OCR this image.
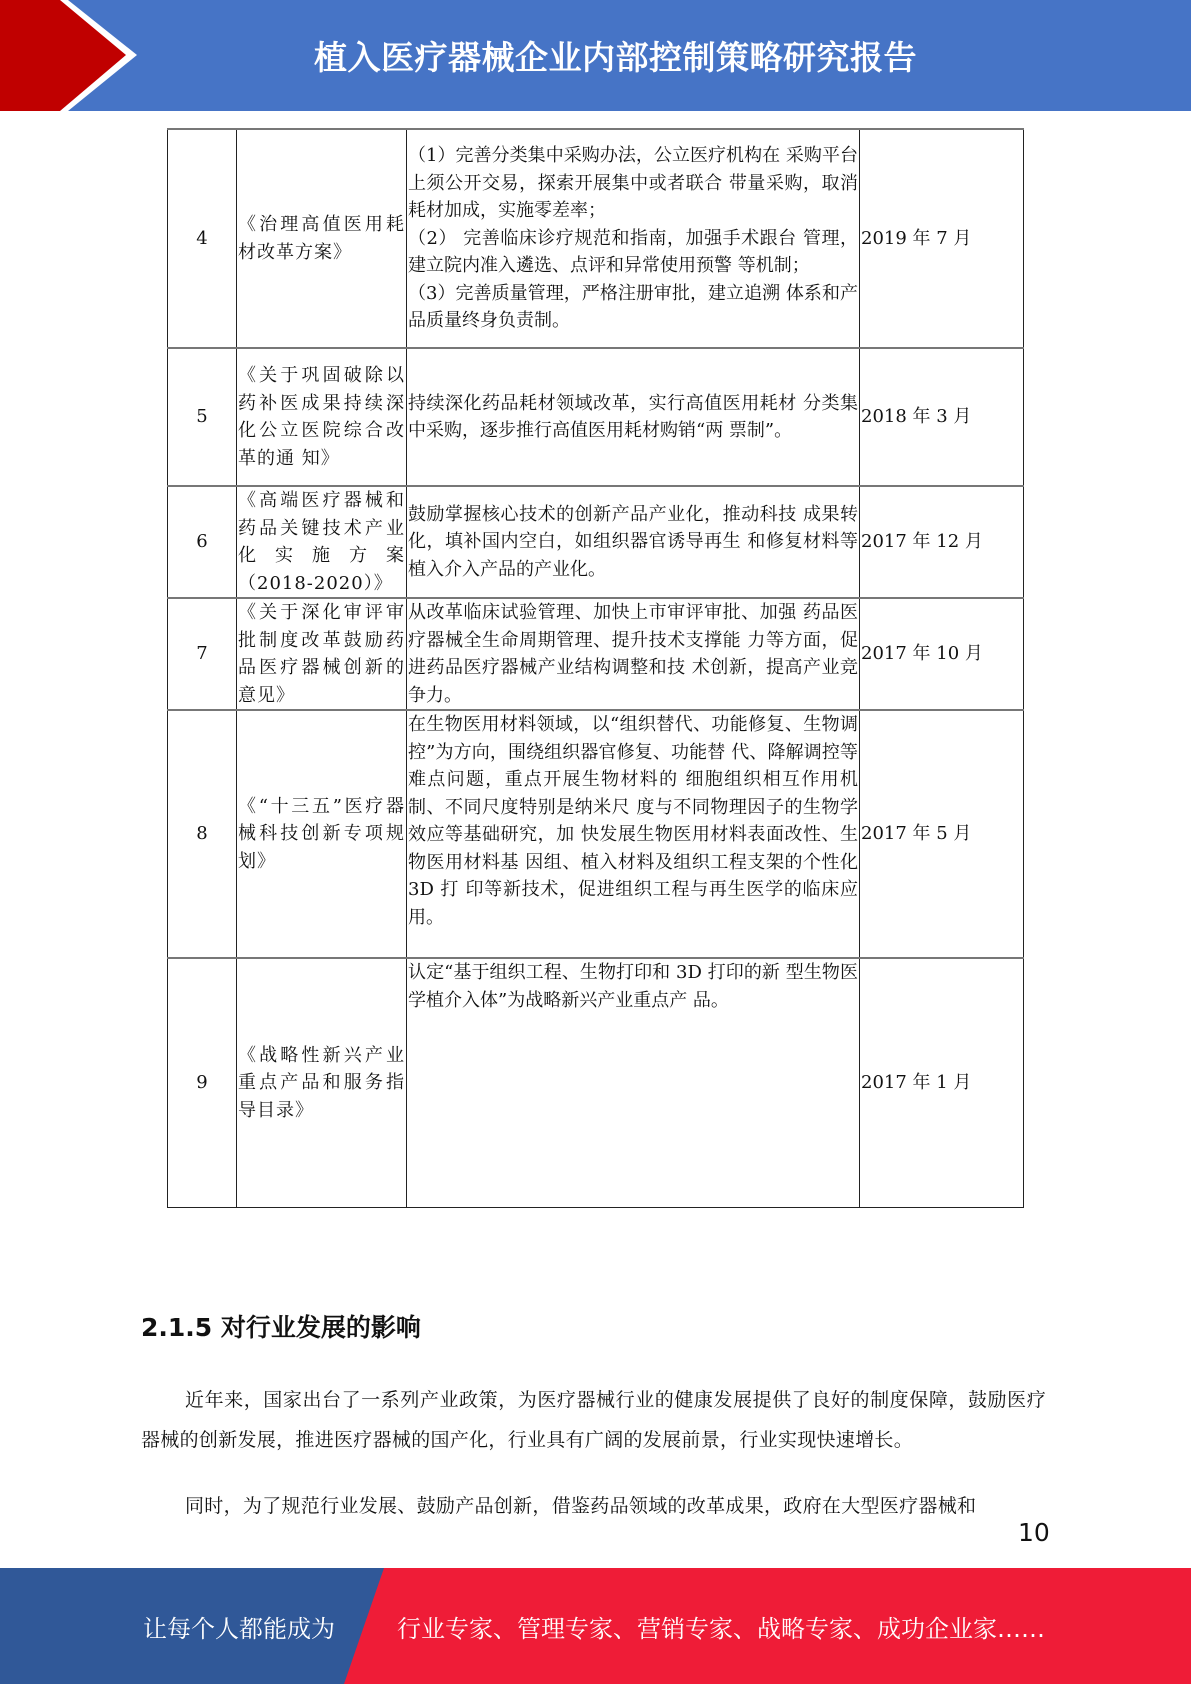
植入医疗器械企业内部控制策略研究报告
4	《治理高值医用耗材改革方案》	（1）完善分类集中采购办法，公立医疗机构在 采购平台上须公开交易，探索开展集中或者联合 带量采购，取消耗材加成，实施零差率；
（2） 完善临床诊疗规范和指南，加强手术跟台 管理，建立院内准入遴选、点评和异常使用预警 等机制；
（3）完善质量管理，严格注册审批，建立追溯 体系和产品质量终身负责制。	2019 年 7 月
5	《关于巩固破除以药补医成果持续深化公立医院综合改革的通 知》	持续深化药品耗材领域改革，实行高值医用耗材 分类集中采购，逐步推行高值医用耗材购销“两 票制”。	2018 年 3 月
6	《高端医疗器械和药品关键技术产业化实施方案（2018-2020）》	鼓励掌握核心技术的创新产品产业化，推动科技 成果转化，填补国内空白，如组织器官诱导再生 和修复材料等植入介入产品的产业化。	2017 年 12 月
7	《关于深化审评审批制度改革鼓励药品医疗器械创新的意见》	从改革临床试验管理、加快上市审评审批、加强 药品医疗器械全生命周期管理、提升技术支撑能 力等方面，促进药品医疗器械产业结构调整和技 术创新，提高产业竞争力。	2017 年 10 月
8	《“十三五”医疗器械科技创新专项规划》	在生物医用材料领域，以“组织替代、功能修复、生物调控”为方向，围绕组织器官修复、功能替 代、降解调控等难点问题，重点开展生物材料的 细胞组织相互作用机制、不同尺度特别是纳米尺 度与不同物理因子的生物学效应等基础研究，加 快发展生物医用材料表面改性、生物医用材料基 因组、植入材料及组织工程支架的个性化 3D 打 印等新技术，促进组织工程与再生医学的临床应 用。	2017 年 5 月
9	《战略性新兴产业重点产品和服务指导目录》	认定“基于组织工程、生物打印和 3D 打印的新 型生物医学植介入体”为战略新兴产业重点产 品。	2017 年 1 月
2.1.5 对行业发展的影响

近年来，国家出台了一系列产业政策，为医疗器械行业的健康发展提供了良好的制度保障，鼓励医疗器械的创新发展，推进医疗器械的国产化，行业具有广阔的发展前景，行业实现快速增长。

同时，为了规范行业发展、鼓励产品创新，借鉴药品领域的改革成果，政府在大型医疗器械和

10
让每个人都能成为	行业专家、管理专家、营销专家、战略专家、成功企业家……
